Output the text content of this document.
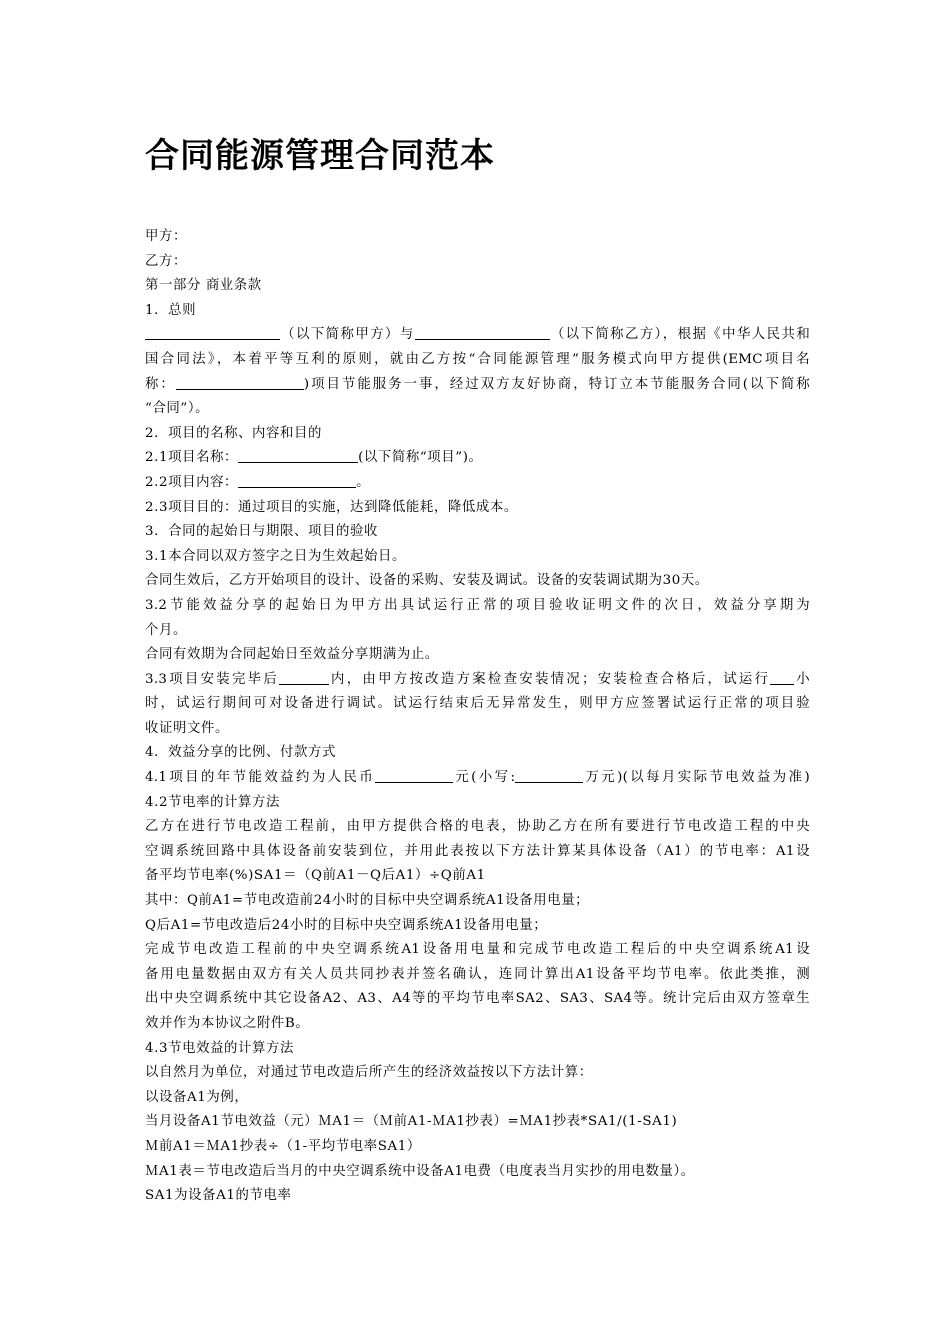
合同能源管理合同范本
甲方：
乙方：
第一部分 商业条款
1．总则
（以下简称甲方）与	（以下简称乙方），根据《中华人民共和
国合同法》，本着平等互利的原则，就由乙方按“合同能源管理”服务模式向甲方提供(EMC项目名
称：	)项目节能服务一事，经过双方友好协商，特订立本节能服务合同(以下简称
“合同”）。
2．项目的名称、内容和目的
2.1项目名称：	(以下简称“项目”)。
2.2项目内容：	。
2.3项目目的：通过项目的实施，达到降低能耗，降低成本。
3．合同的起始日与期限、项目的验收
3.1本合同以双方签字之日为生效起始日。
合同生效后，乙方开始项目的设计、设备的采购、安装及调试。设备的安装调试期为30天。
3.2节能效益分享的起始日为甲方出具试运行正常的项目验收证明文件的次日，效益分享期为
个月。
合同有效期为合同起始日至效益分享期满为止。
3.3项目安装完毕后	内，由甲方按改造方案检查安装情况；安装检查合格后，试运行 小
时，试运行期间可对设备进行调试。试运行结束后无异常发生，则甲方应签署试运行正常的项目验
收证明文件。
4．效益分享的比例、付款方式
4.1项目的年节能效益约为人民币	元(小写:	万元)(以每月实际节电效益为准)
4.2节电率的计算方法
乙方在进行节电改造工程前，由甲方提供合格的电表，协助乙方在所有要进行节电改造工程的中央
空调系统回路中具体设备前安装到位，并用此表按以下方法计算某具体设备（A1）的节电率：A1设
备平均节电率(%)SA1＝（Q前A1－Q后A1）÷Q前A1
其中：Q前A1=节电改造前24小时的目标中央空调系统A1设备用电量；
Q后A1=节电改造后24小时的目标中央空调系统A1设备用电量；
完成节电改造工程前的中央空调系统A1设备用电量和完成节电改造工程后的中央空调系统A1设
备用电量数据由双方有关人员共同抄表并签名确认，连同计算出A1设备平均节电率。依此类推，测
出中央空调系统中其它设备A2、A3、A4等的平均节电率SA2、SA3、SA4等。统计完后由双方签章生
效并作为本协议之附件B。
4.3节电效益的计算方法
以自然月为单位，对通过节电改造后所产生的经济效益按以下方法计算：
以设备A1为例，
当月设备A1节电效益（元）ＭA1＝（Ｍ前A1-ＭA1抄表）=ＭA1抄表*SA1/(1-SA1)
Ｍ前A1＝ＭA1抄表÷（1-平均节电率SA1）
ＭA1表＝节电改造后当月的中央空调系统中设备A1电费（电度表当月实抄的用电数量）。
SA1为设备A1的节电率
